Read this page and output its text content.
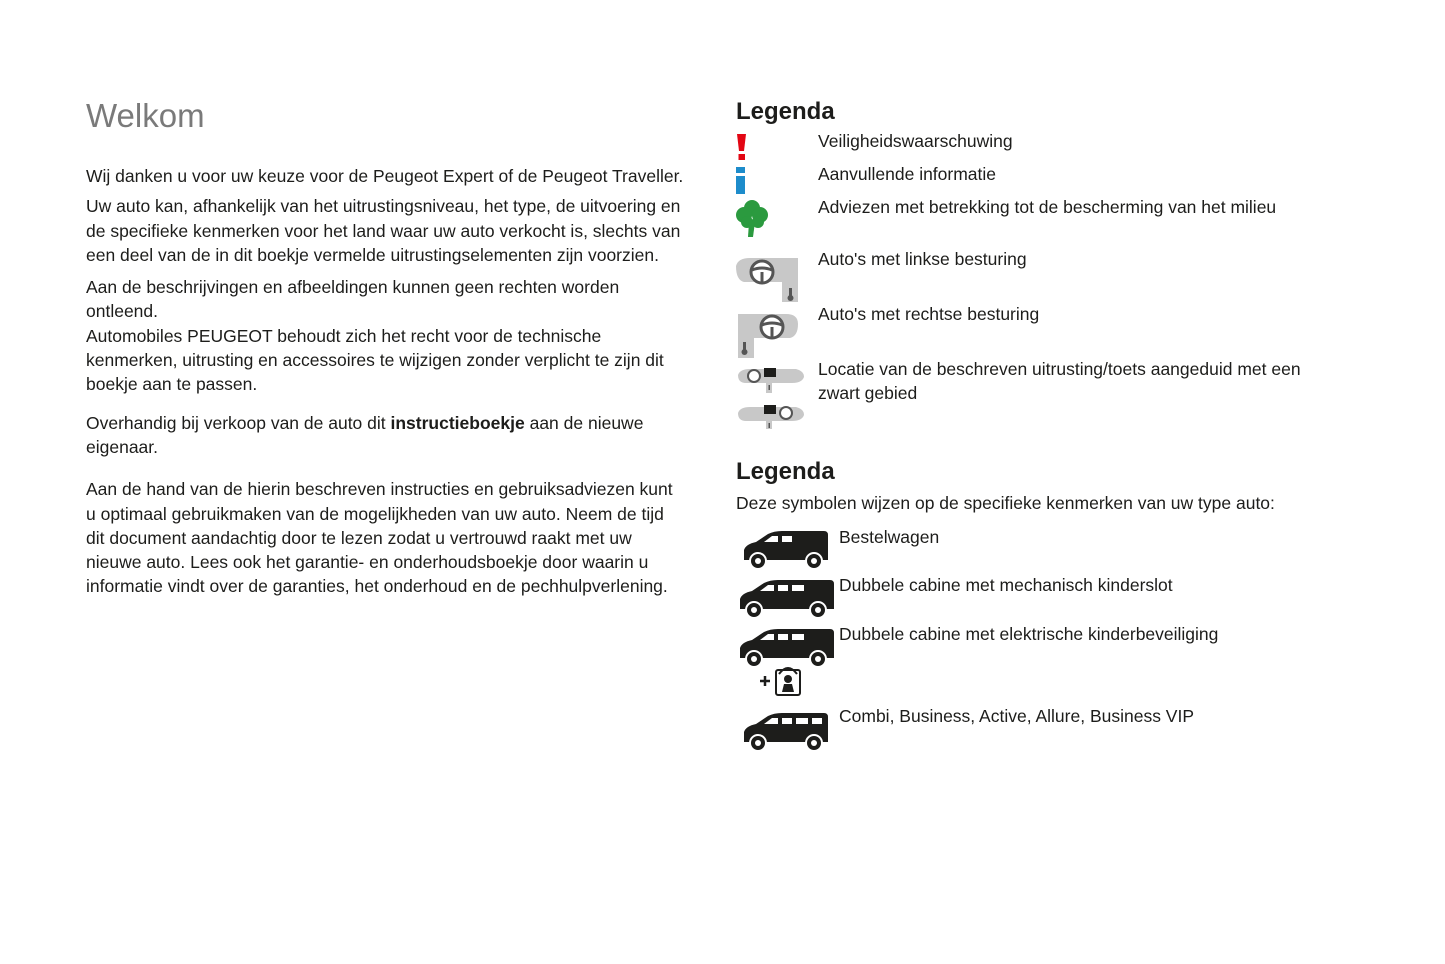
Welkom

Wij danken u voor uw keuze voor de Peugeot Expert of de Peugeot Traveller.

Uw auto kan, afhankelijk van het uitrustingsniveau, het type, de uitvoering en de specifieke kenmerken voor het land waar uw auto verkocht is, slechts van een deel van de in dit boekje vermelde uitrustingselementen zijn voorzien.

Aan de beschrijvingen en afbeeldingen kunnen geen rechten worden ontleend.

Automobiles PEUGEOT behoudt zich het recht voor de technische kenmerken, uitrusting en accessoires te wijzigen zonder verplicht te zijn dit boekje aan te passen.

Overhandig bij verkoop van de auto dit instructieboekje aan de nieuwe eigenaar.

Aan de hand van de hierin beschreven instructies en gebruiksadviezen kunt u optimaal gebruikmaken van de mogelijkheden van uw auto. Neem de tijd dit document aandachtig door te lezen zodat u vertrouwd raakt met uw nieuwe auto. Lees ook het garantie- en onderhoudsboekje door waarin u informatie vindt over de garanties, het onderhoud en de pechhulpverlening.

Legenda
Veiligheidswaarschuwing
Aanvullende informatie
Adviezen met betrekking tot de bescherming van het milieu
Auto's met linkse besturing
Auto's met rechtse besturing
Locatie van de beschreven uitrusting/toets aangeduid met een zwart gebied
Legenda
Deze symbolen wijzen op de specifieke kenmerken van uw type auto:
Bestelwagen
Dubbele cabine met mechanisch kinderslot
Dubbele cabine met elektrische kinderbeveiliging
Combi, Business, Active, Allure, Business VIP
